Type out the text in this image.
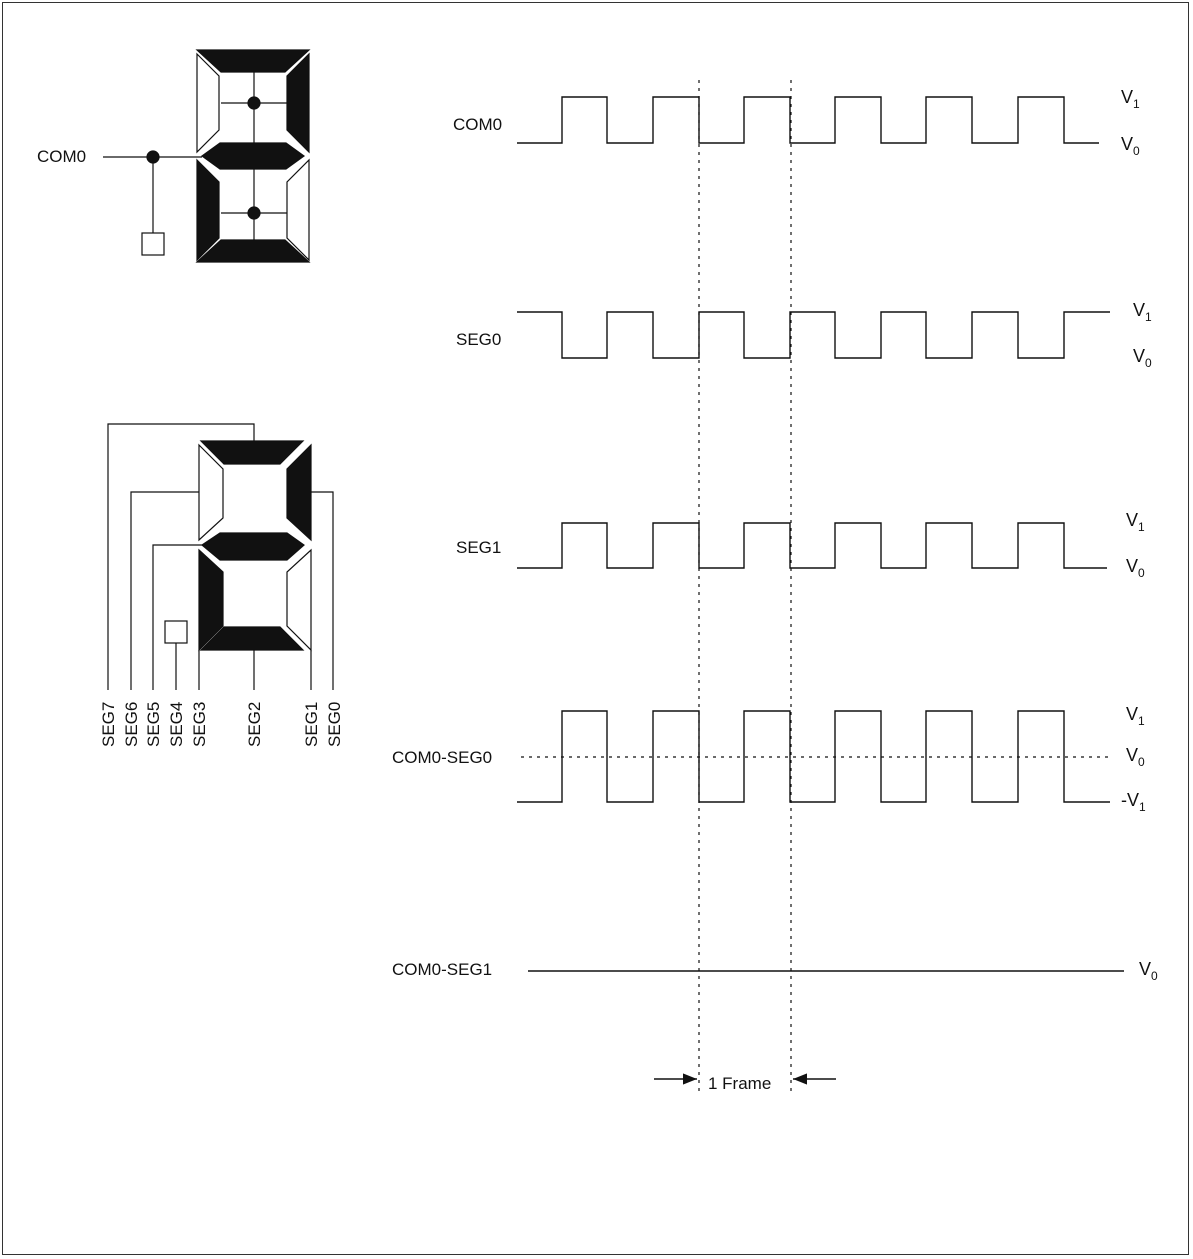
COM0
SEG7 SEG6 SEG5 SEG4 SEG3 SEG2 SEG1 SEG0
COM0
SEG0
SEG1
COM0-SEG0
COM0-SEG1
1 Frame
$V_1$
$V_0$
$V_1$
$V_0$
$V_1$
$V_0$
$V_1$
$V_0$
$-V_1$
$V_0$
